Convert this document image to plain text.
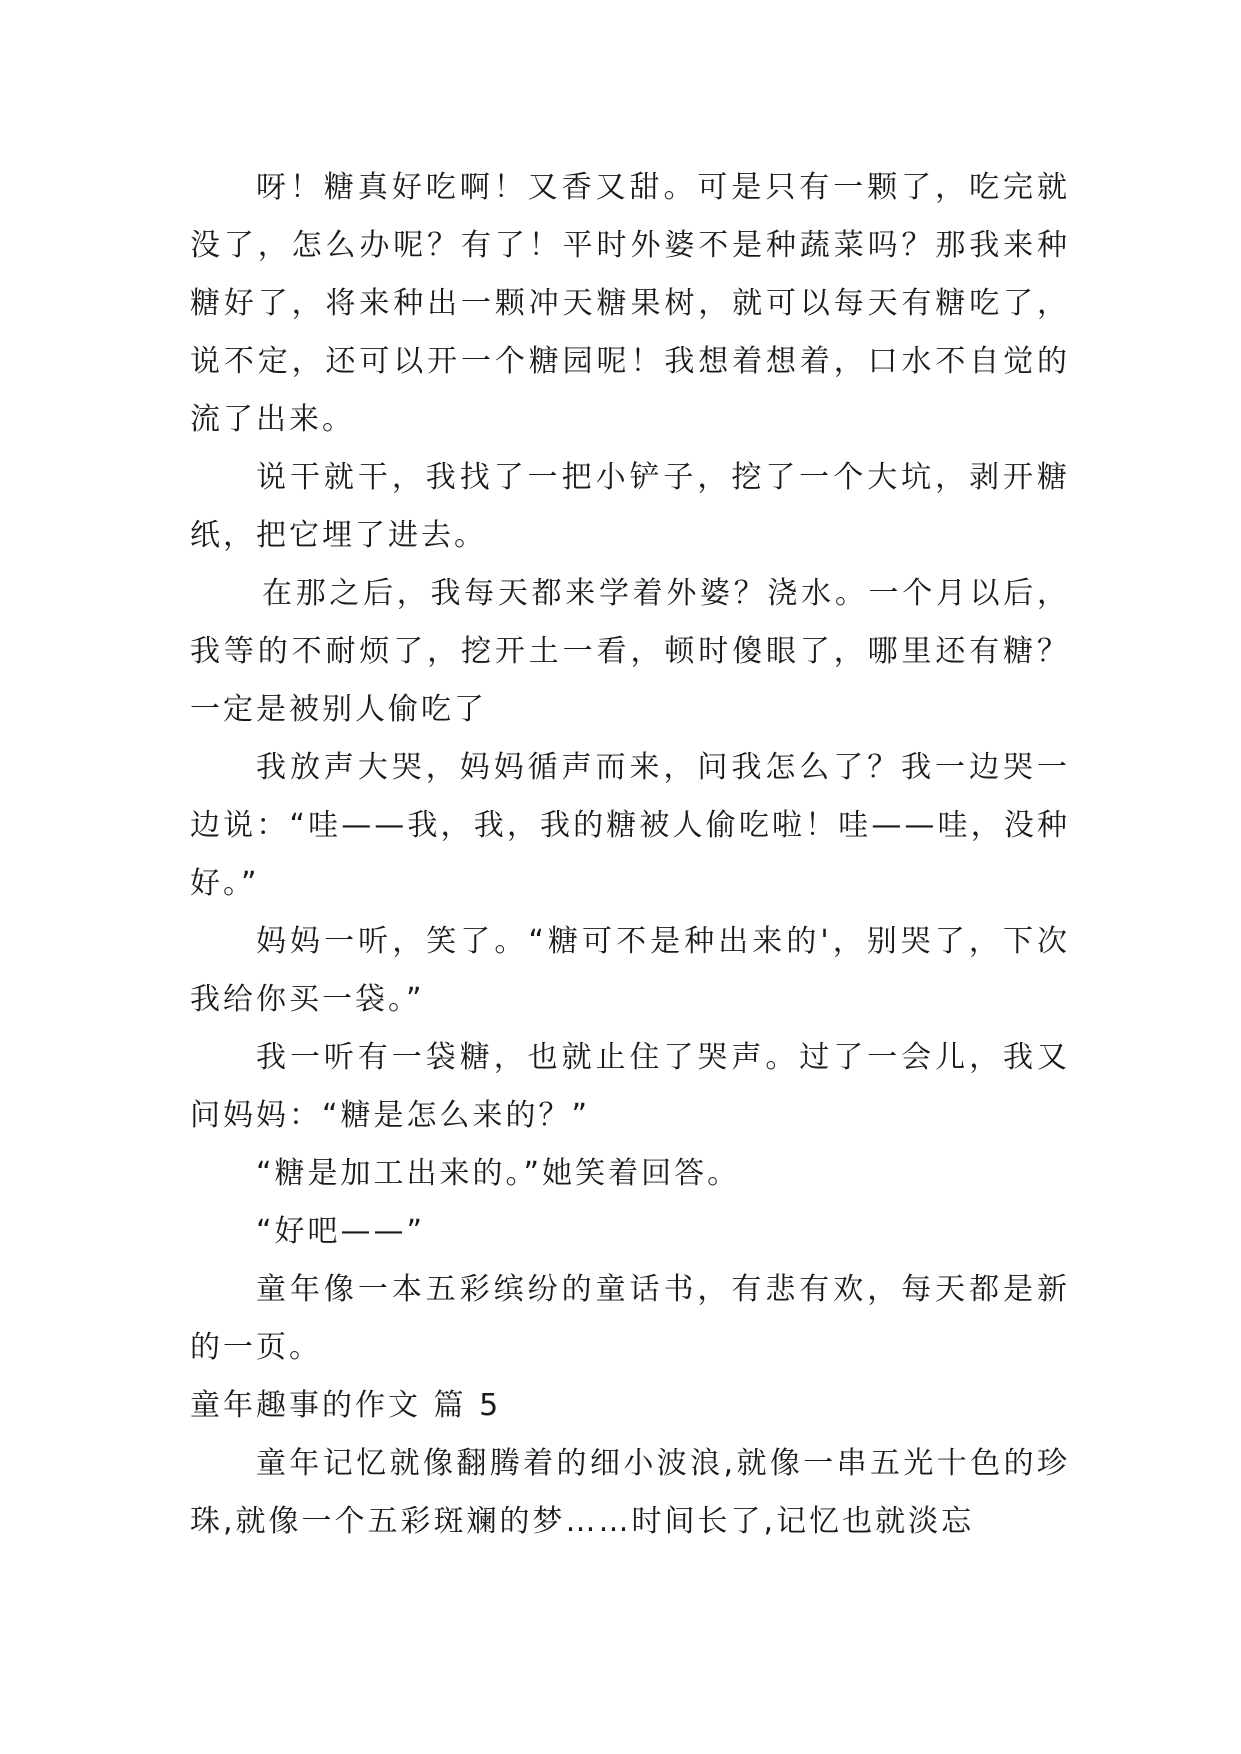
呀！糖真好吃啊！又香又甜。可是只有一颗了，吃完就没了，怎么办呢？有了！平时外婆不是种蔬菜吗？那我来种糖好了，将来种出一颗冲天糖果树，就可以每天有糖吃了，说不定，还可以开一个糖园呢！我想着想着，口水不自觉的流了出来。

说干就干，我找了一把小铲子，挖了一个大坑，剥开糖纸，把它埋了进去。

在那之后，我每天都来学着外婆？浇水。一个月以后，我等的不耐烦了，挖开土一看，顿时傻眼了，哪里还有糖？一定是被别人偷吃了

我放声大哭，妈妈循声而来，问我怎么了？我一边哭一边说：“哇——我，我，我的糖被人偷吃啦！哇——哇，没种好。”

妈妈一听，笑了。“糖可不是种出来的'，别哭了，下次我给你买一袋。”

我一听有一袋糖，也就止住了哭声。过了一会儿，我又问妈妈：“糖是怎么来的？”

“糖是加工出来的。”她笑着回答。

“好吧——”

童年像一本五彩缤纷的童话书，有悲有欢，每天都是新的一页。

童年趣事的作文 篇 5

童年记忆就像翻腾着的细小波浪,就像一串五光十色的珍珠,就像一个五彩斑斓的梦……时间长了,记忆也就淡忘
